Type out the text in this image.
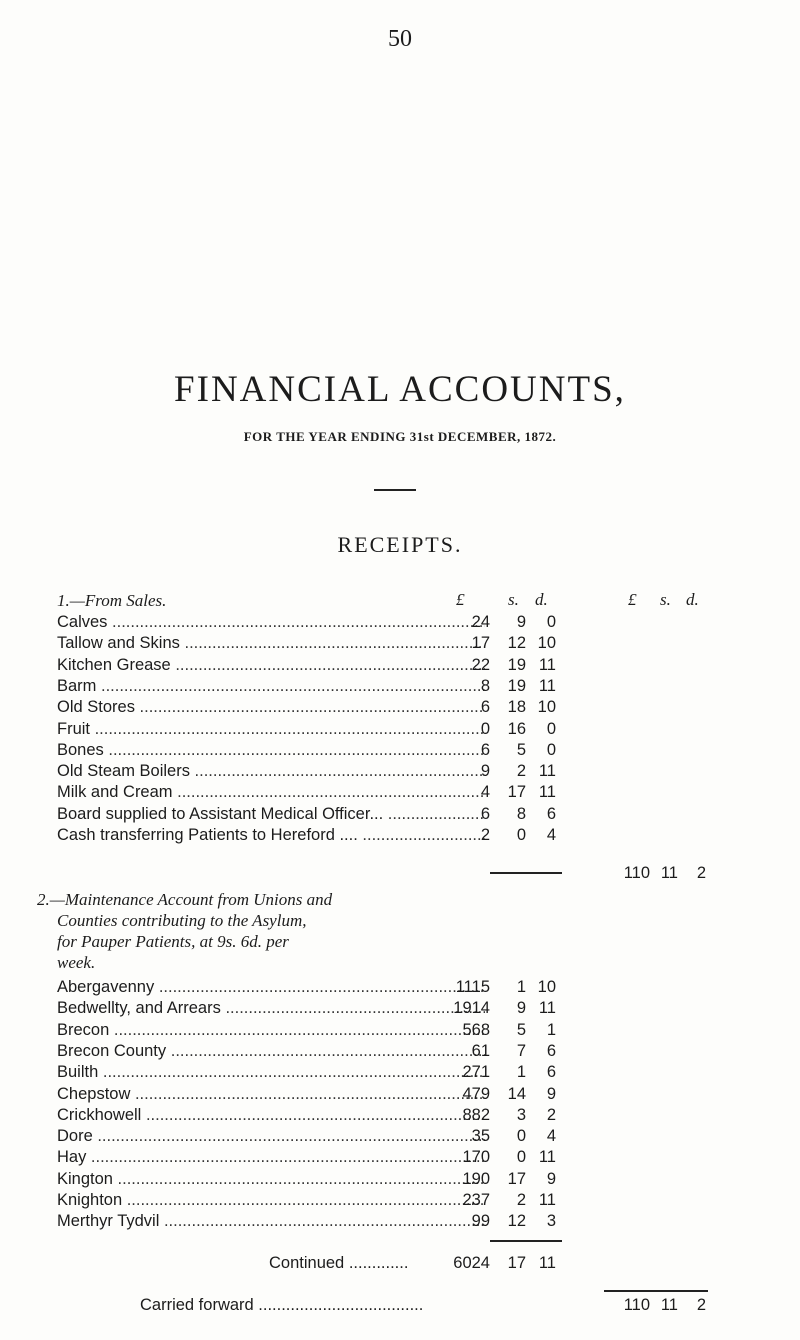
50
FINANCIAL ACCOUNTS,
FOR THE YEAR ENDING 31st DECEMBER, 1872.
RECEIPTS.
1.—From Sales.	£	s. d.	£ s. d.
Calves .....	24	9	0
Tallow and Skins .....	17	12 10
Kitchen Grease .....	22	19 11
Barm .....	8	19 11
Old Stores .....	6	18 10
Fruit .....	0	16	0
Bones .....	6	5	0
Old Steam Boilers .....	9	2 11
Milk and Cream .....	4	17 11
Board supplied to Assistant Medical Officer... .....	6	8	6
Cash transferring Patients to Hereford .... .....	2	0	4
110 11	2
2.—Maintenance Account from Unions and
Counties contributing to the Asylum,
for Pauper Patients, at 9s. 6d. per
week.
Abergavenny .....	1115	1 10
Bedwellty, and Arrears .....	1914	9 11
Brecon .....	568	5	1
Brecon County .....	61	7	6
Builth .....	271	1	6
Chepstow .....	479	14	9
Crickhowell .....	882	3	2
Dore .....	35	0	4
Hay .....	170	0 11
Kington .....	190	17	9
Knighton .....	237	2 11
Merthyr Tydvil .....	99	12	3
Continued .............	6024	17 11
Carried forward ....................................	110 11	2
